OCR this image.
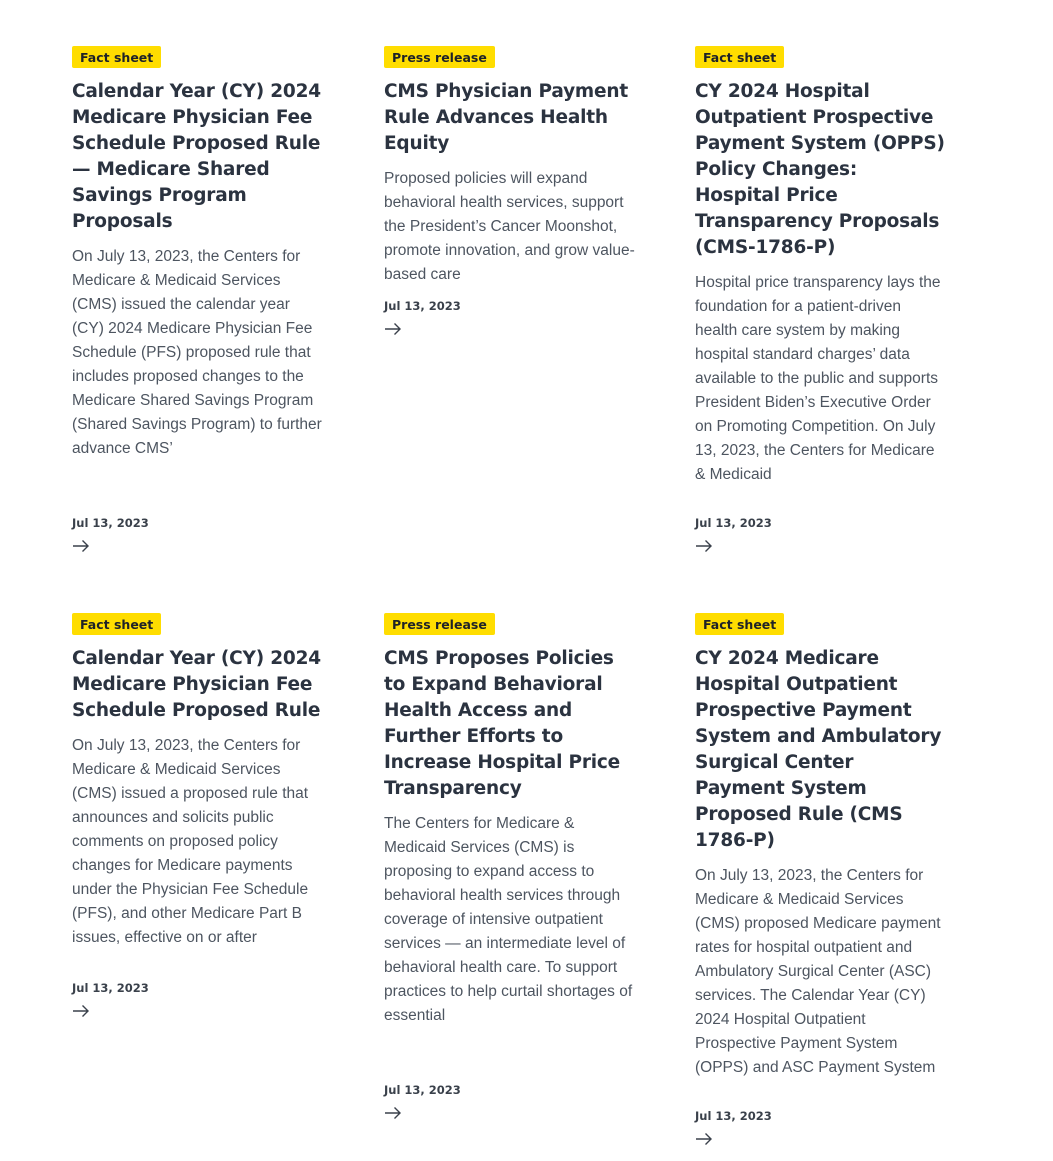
Fact sheet
Calendar Year (CY) 2024 Medicare Physician Fee Schedule Proposed Rule — Medicare Shared Savings Program Proposals

On July 13, 2023, the Centers for Medicare & Medicaid Services (CMS) issued the calendar year (CY) 2024 Medicare Physician Fee Schedule (PFS) proposed rule that includes proposed changes to the Medicare Shared Savings Program (Shared Savings Program) to further advance CMS’

Jul 13, 2023
Press release
CMS Physician Payment Rule Advances Health Equity

Proposed policies will expand behavioral health services, support the President’s Cancer Moonshot, promote innovation, and grow value-based care

Jul 13, 2023
Fact sheet
CY 2024 Hospital Outpatient Prospective Payment System (OPPS) Policy Changes: Hospital Price Transparency Proposals (CMS-1786-P)

Hospital price transparency lays the foundation for a patient-driven health care system by making hospital standard charges’ data available to the public and supports President Biden’s Executive Order on Promoting Competition. On July 13, 2023, the Centers for Medicare & Medicaid

Jul 13, 2023
Fact sheet
Calendar Year (CY) 2024 Medicare Physician Fee Schedule Proposed Rule

On July 13, 2023, the Centers for Medicare & Medicaid Services (CMS) issued a proposed rule that announces and solicits public comments on proposed policy changes for Medicare payments under the Physician Fee Schedule (PFS), and other Medicare Part B issues, effective on or after

Jul 13, 2023
Press release
CMS Proposes Policies to Expand Behavioral Health Access and Further Efforts to Increase Hospital Price Transparency

The Centers for Medicare & Medicaid Services (CMS) is proposing to expand access to behavioral health services through coverage of intensive outpatient services — an intermediate level of behavioral health care. To support practices to help curtail shortages of essential

Jul 13, 2023
Fact sheet
CY 2024 Medicare Hospital Outpatient Prospective Payment System and Ambulatory Surgical Center Payment System Proposed Rule (CMS 1786-P)

On July 13, 2023, the Centers for Medicare & Medicaid Services (CMS) proposed Medicare payment rates for hospital outpatient and Ambulatory Surgical Center (ASC) services. The Calendar Year (CY) 2024 Hospital Outpatient Prospective Payment System (OPPS) and ASC Payment System

Jul 13, 2023
